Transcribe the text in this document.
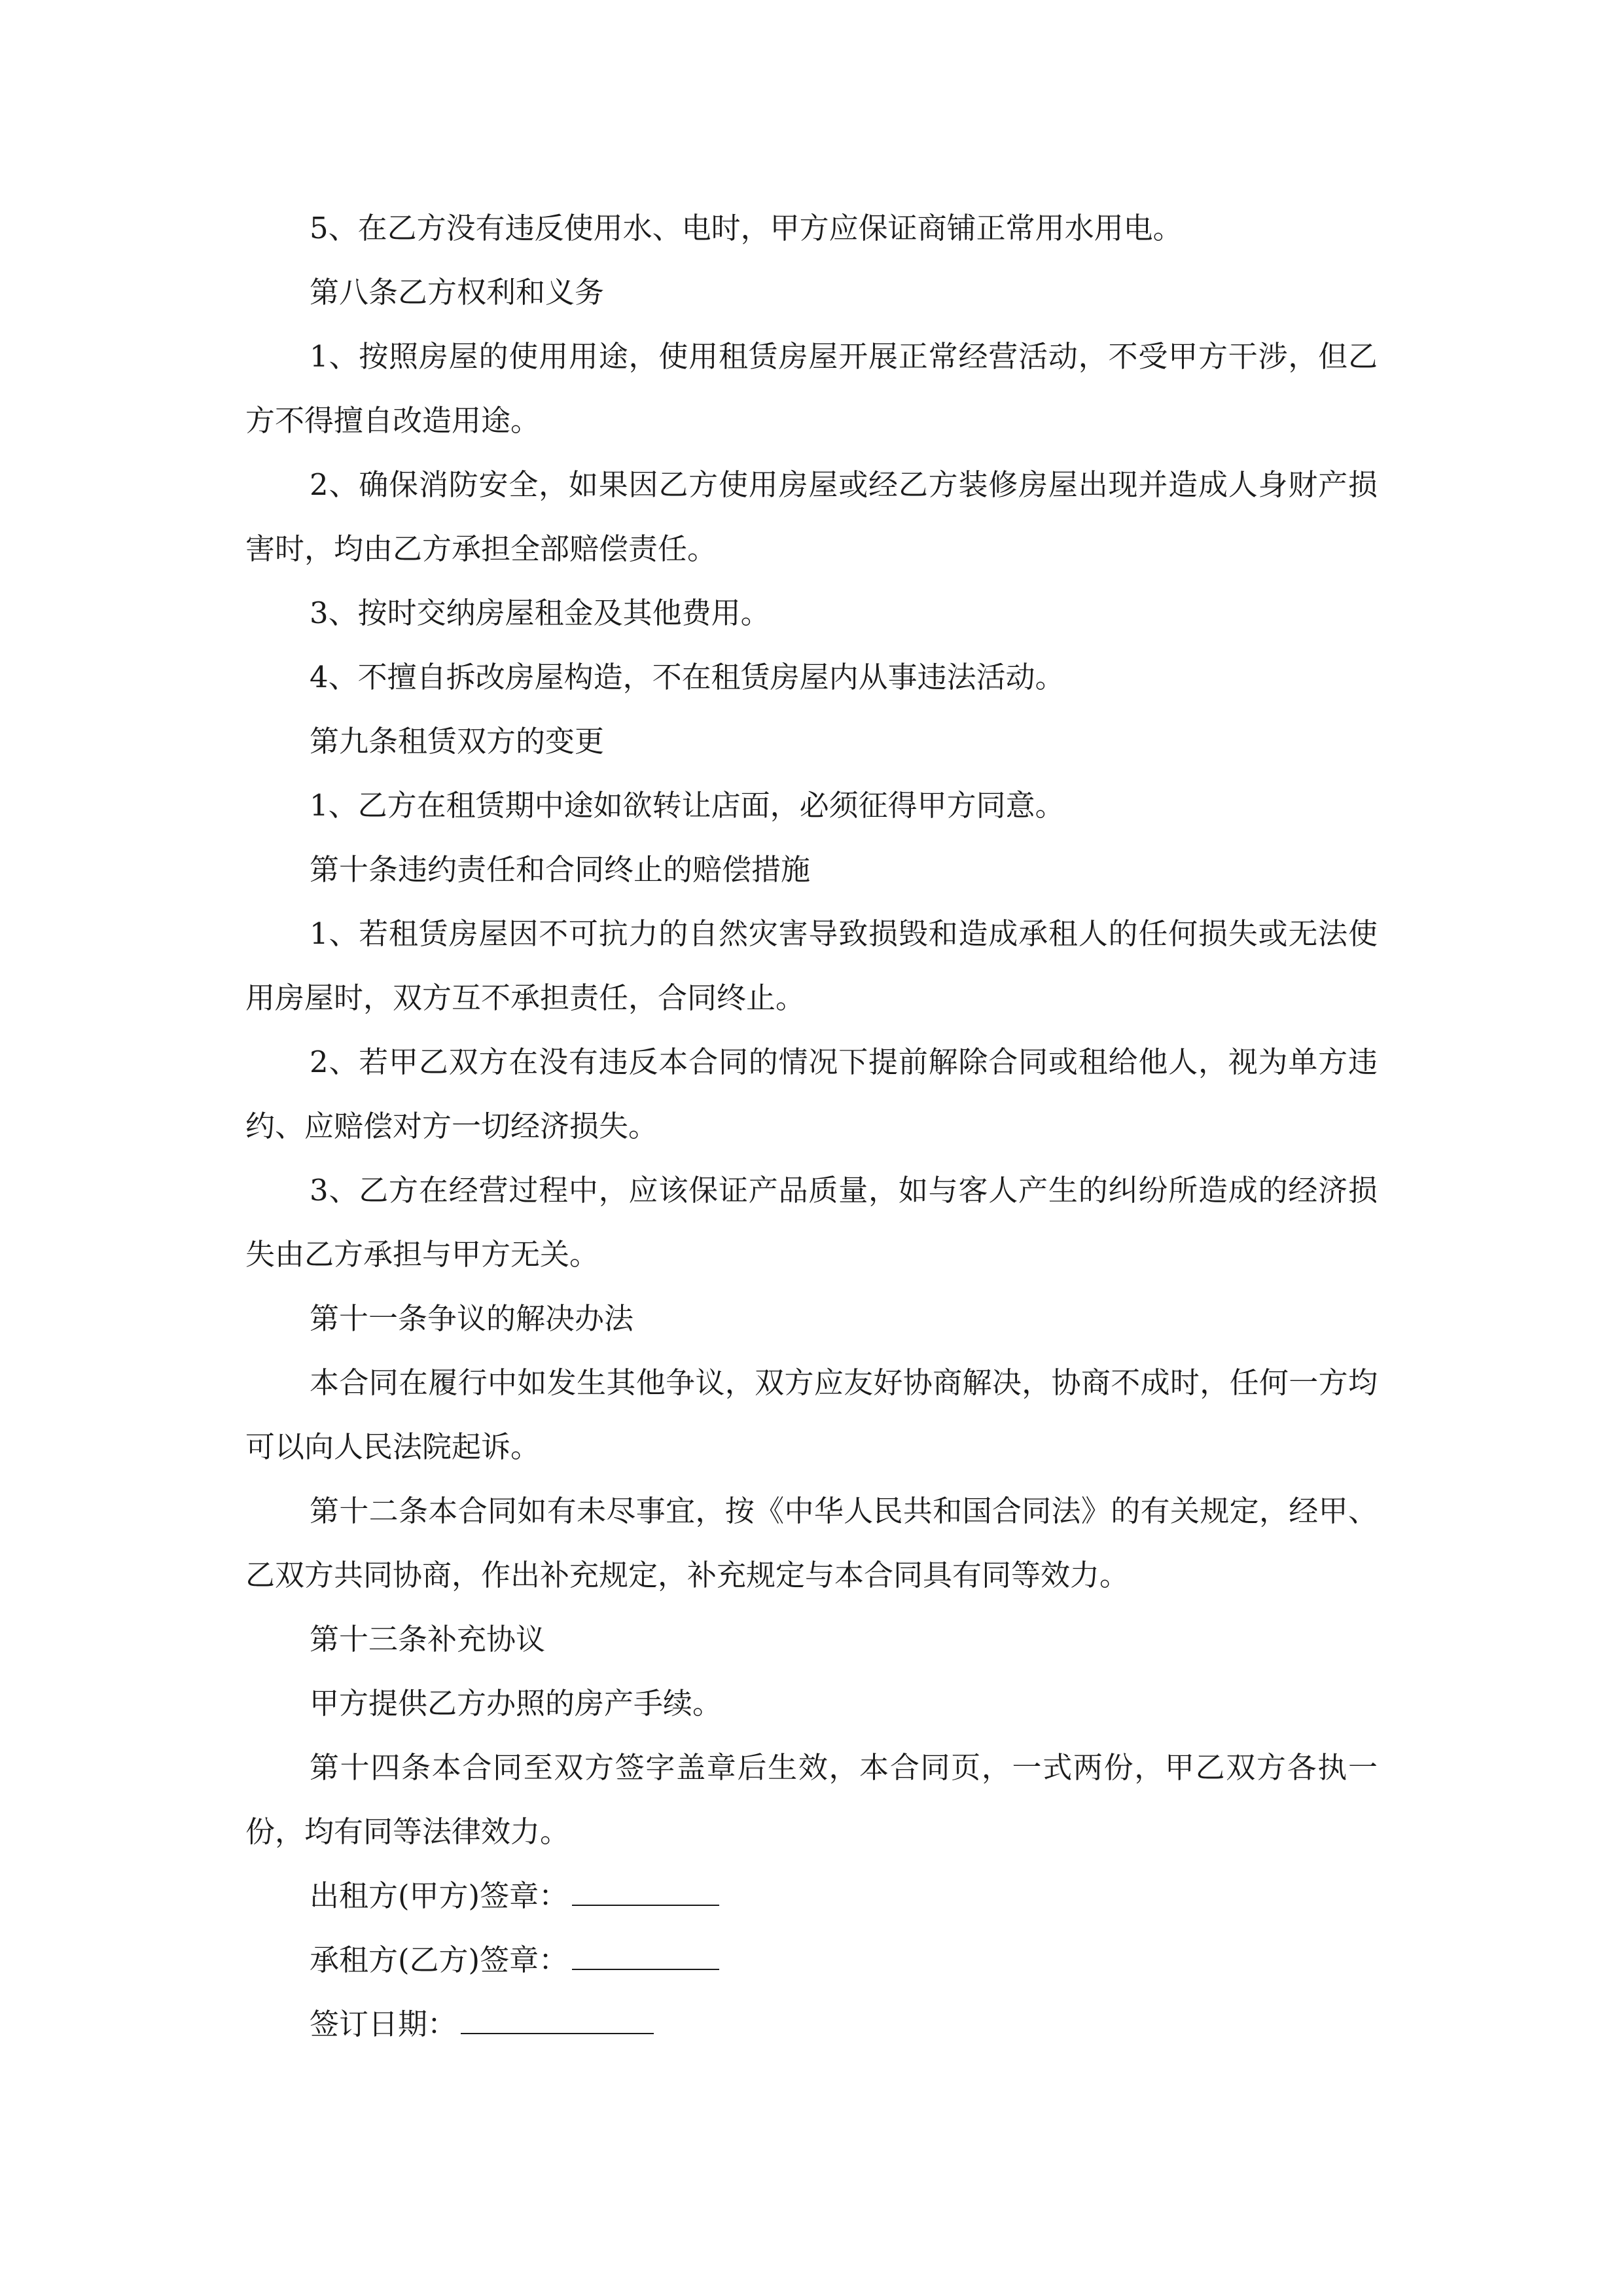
5、在乙方没有违反使用水、电时，甲方应保证商铺正常用水用电。

第八条乙方权利和义务

1、按照房屋的使用用途，使用租赁房屋开展正常经营活动，不受甲方干涉，但乙方不得擅自改造用途。

2、确保消防安全，如果因乙方使用房屋或经乙方装修房屋出现并造成人身财产损害时，均由乙方承担全部赔偿责任。

3、按时交纳房屋租金及其他费用。

4、不擅自拆改房屋构造，不在租赁房屋内从事违法活动。

第九条租赁双方的变更

1、乙方在租赁期中途如欲转让店面，必须征得甲方同意。

第十条违约责任和合同终止的赔偿措施

1、若租赁房屋因不可抗力的自然灾害导致损毁和造成承租人的任何损失或无法使用房屋时，双方互不承担责任，合同终止。

2、若甲乙双方在没有违反本合同的情况下提前解除合同或租给他人，视为单方违约、应赔偿对方一切经济损失。

3、乙方在经营过程中，应该保证产品质量，如与客人产生的纠纷所造成的经济损失由乙方承担与甲方无关。

第十一条争议的解决办法

本合同在履行中如发生其他争议，双方应友好协商解决，协商不成时，任何一方均可以向人民法院起诉。

第十二条本合同如有未尽事宜，按《中华人民共和国合同法》的有关规定，经甲、乙双方共同协商，作出补充规定，补充规定与本合同具有同等效力。

第十三条补充协议

甲方提供乙方办照的房产手续。

第十四条本合同至双方签字盖章后生效，本合同页，一式两份，甲乙双方各执一份，均有同等法律效力。

出租方(甲方)签章：

承租方(乙方)签章：

签订日期：
